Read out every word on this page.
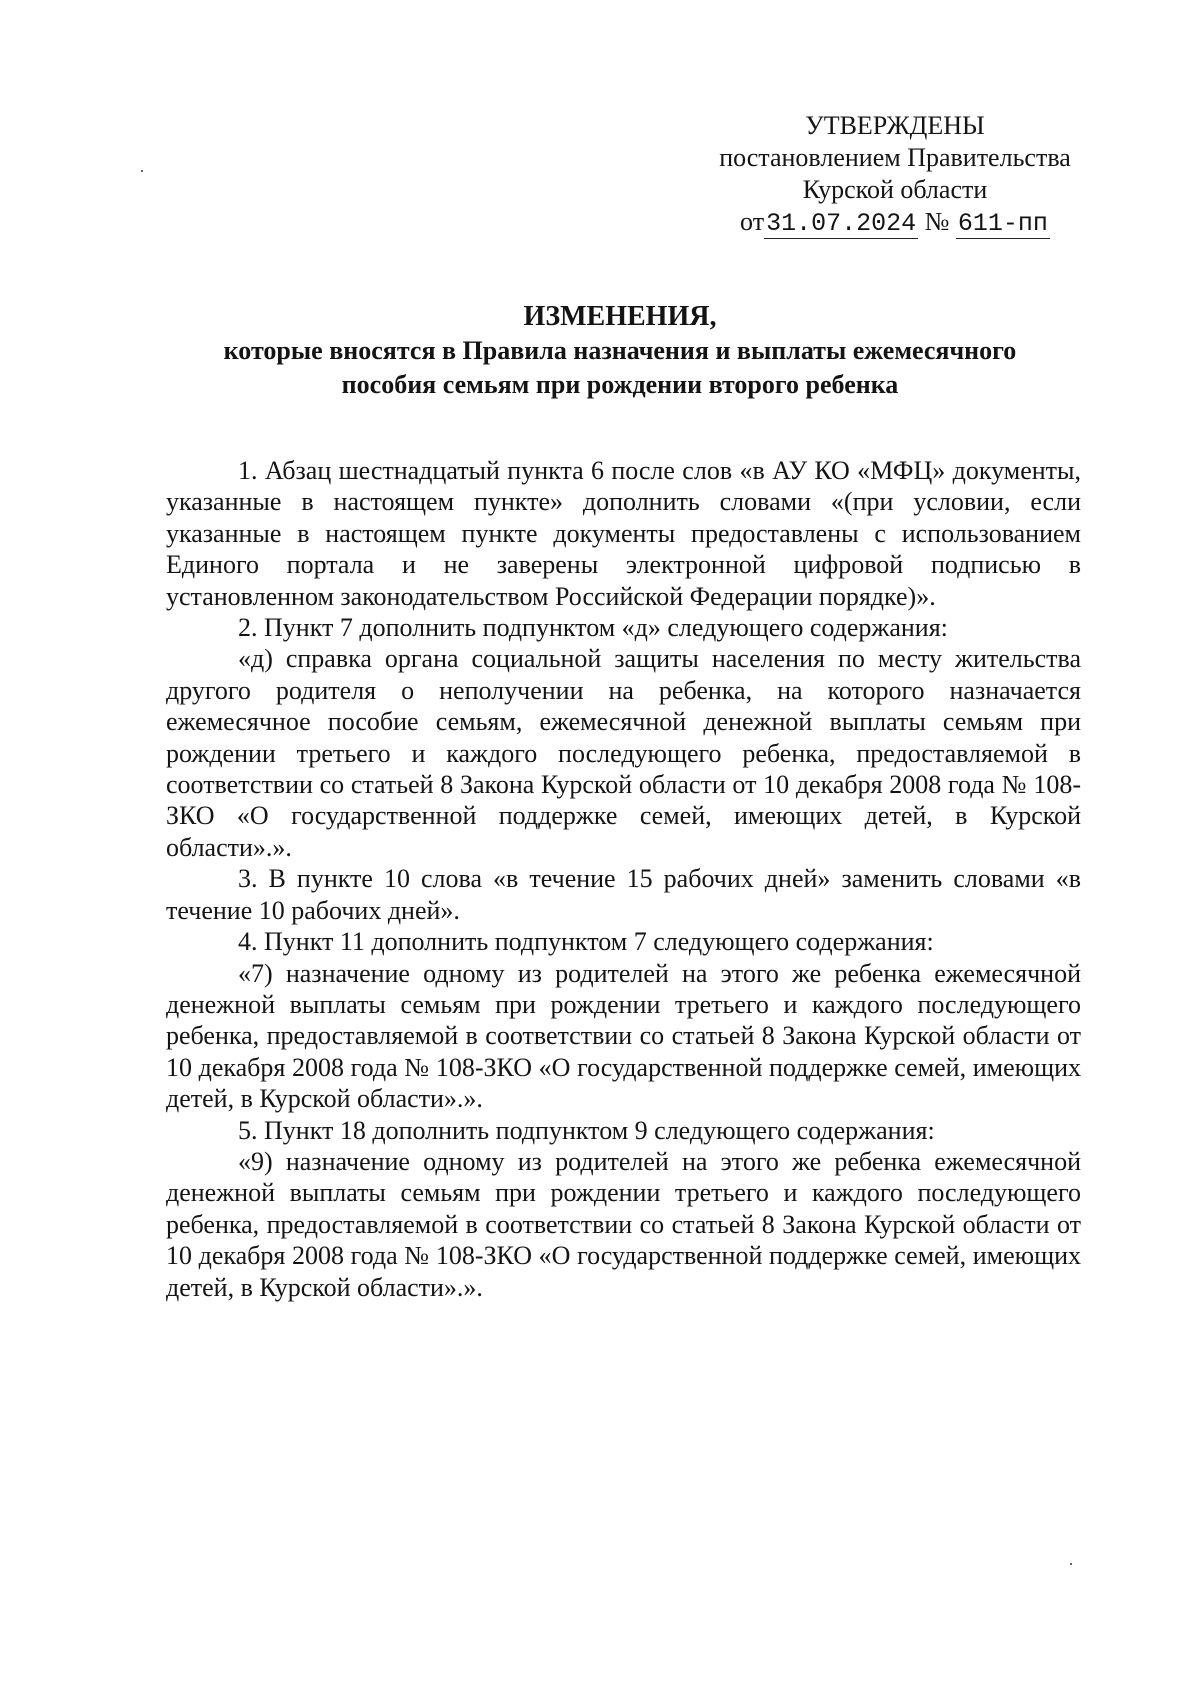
УТВЕРЖДЕНЫ
постановлением Правительства
Курской области
от31.07.2024 № 611-пп
ИЗМЕНЕНИЯ,
которые вносятся в Правила назначения и выплаты ежемесячного
пособия семьям при рождении второго ребенка

1. Абзац шестнадцатый пункта 6 после слов «в АУ КО «МФЦ» документы, указанные в настоящем пункте» дополнить словами «(при условии, если указанные в настоящем пункте документы предоставлены с использованием Единого портала и не заверены электронной цифровой подписью в установленном законодательством Российской Федерации порядке)».

2. Пункт 7 дополнить подпунктом «д» следующего содержания:

«д) справка органа социальной защиты населения по месту жительства другого родителя о неполучении на ребенка, на которого назначается ежемесячное пособие семьям, ежемесячной денежной выплаты семьям при рождении третьего и каждого последующего ребенка, предоставляемой в соответствии со статьей 8 Закона Курской области от 10 декабря 2008 года № 108-ЗКО «О государственной поддержке семей, имеющих детей, в Курской области».».

3. В пункте 10 слова «в течение 15 рабочих дней» заменить словами «в течение 10 рабочих дней».

4. Пункт 11 дополнить подпунктом 7 следующего содержания:

«7) назначение одному из родителей на этого же ребенка ежемесячной денежной выплаты семьям при рождении третьего и каждого последующего ребенка, предоставляемой в соответствии со статьей 8 Закона Курской области от 10 декабря 2008 года № 108-ЗКО «О государственной поддержке семей, имеющих детей, в Курской области».».

5. Пункт 18 дополнить подпунктом 9 следующего содержания:

«9) назначение одному из родителей на этого же ребенка ежемесячной денежной выплаты семьям при рождении третьего и каждого последующего ребенка, предоставляемой в соответствии со статьей 8 Закона Курской области от 10 декабря 2008 года № 108-ЗКО «О государственной поддержке семей, имеющих детей, в Курской области».».
